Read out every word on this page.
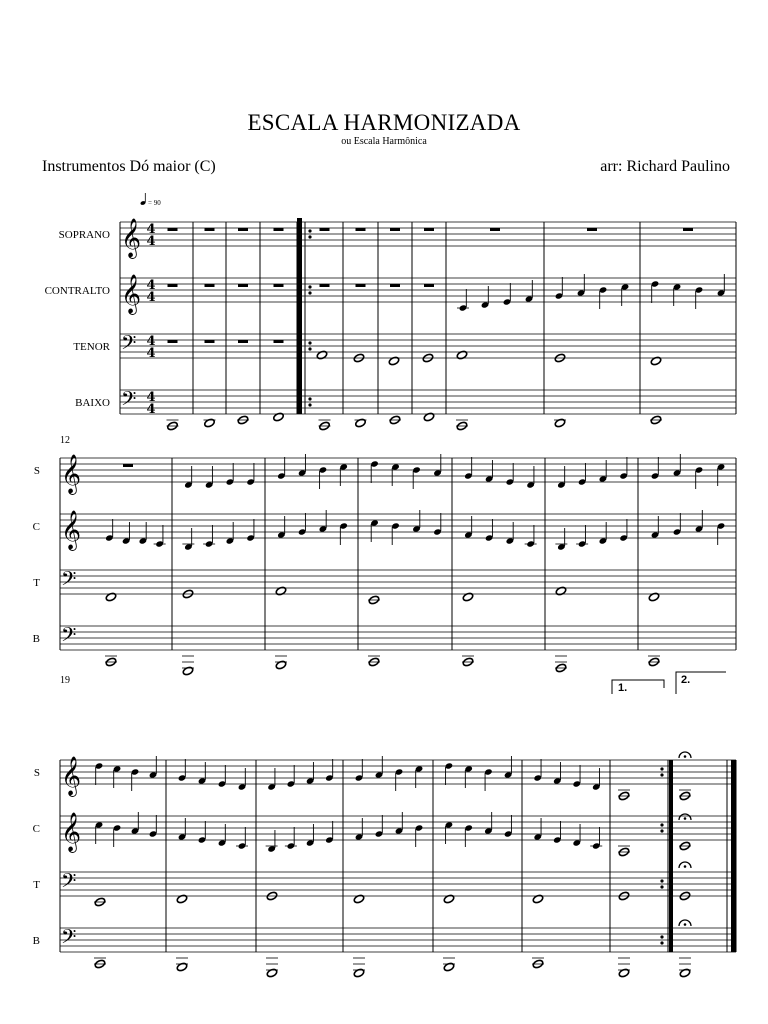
ESCALA HARMONIZADA
ou Escala Harmônica
Instrumentos Dó maior (C)	arr: Richard Paulino
𝄞
SOPRANO	4
4
𝄞
CONTRALTO	4
4
𝄢
TENOR	4
4
𝄢
BAIXO	4
4
𝄞
S
𝄞
C
𝄢
T
𝄢
B
𝄞
S
𝄞
C
𝄢
T
𝄢
B
1.
2.
12
19
= 90
